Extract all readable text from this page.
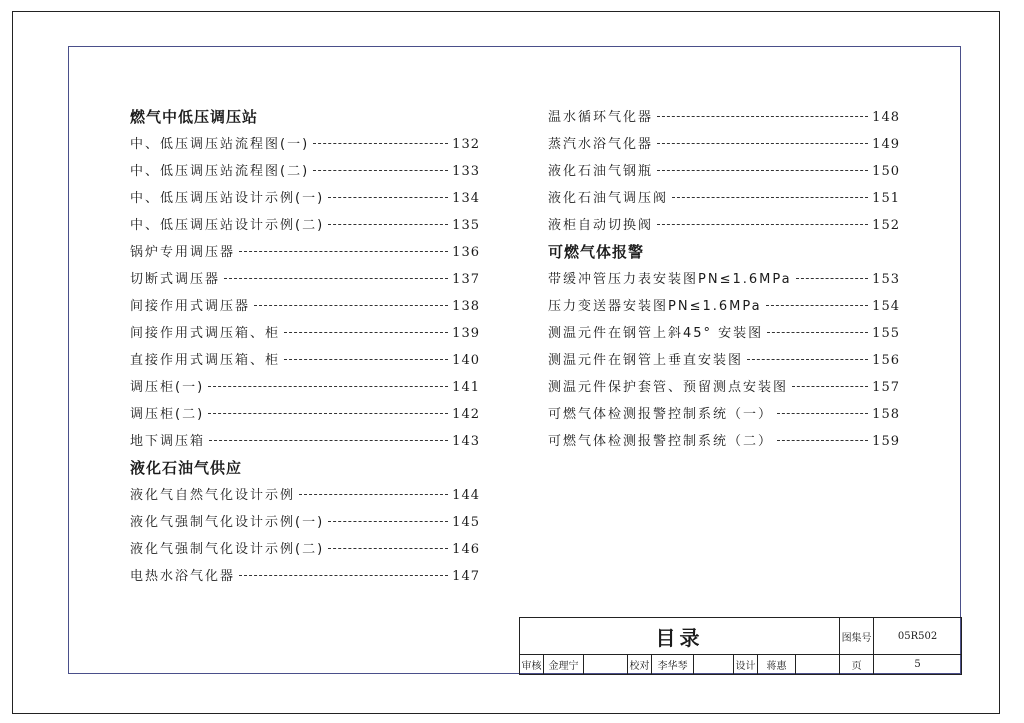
燃气中低压调压站
中、低压调压站流程图(一)	132
中、低压调压站流程图(二)	133
中、低压调压站设计示例(一)	134
中、低压调压站设计示例(二)	135
锅炉专用调压器	136
切断式调压器	137
间接作用式调压器	138
间接作用式调压箱、柜	139
直接作用式调压箱、柜	140
调压柜(一)	141
调压柜(二)	142
地下调压箱	143
液化石油气供应
液化气自然气化设计示例	144
液化气强制气化设计示例(一)	145
液化气强制气化设计示例(二)	146
电热水浴气化器	147
温水循环气化器	148
蒸汽水浴气化器	149
液化石油气钢瓶	150
液化石油气调压阀	151
液柜自动切换阀	152
可燃气体报警
带缓冲管压力表安装图PN≤1.6MPa	153
压力变送器安装图PN≤1.6MPa	154
测温元件在钢管上斜45° 安装图	155
测温元件在钢管上垂直安装图	156
测温元件保护套管、预留测点安装图	157
可燃气体检测报警控制系统（一）	158
可燃气体检测报警控制系统（二）	159
目录									图集号	05R502
审核	金理宁		校对	李华琴		设计	蒋惠		页	5
